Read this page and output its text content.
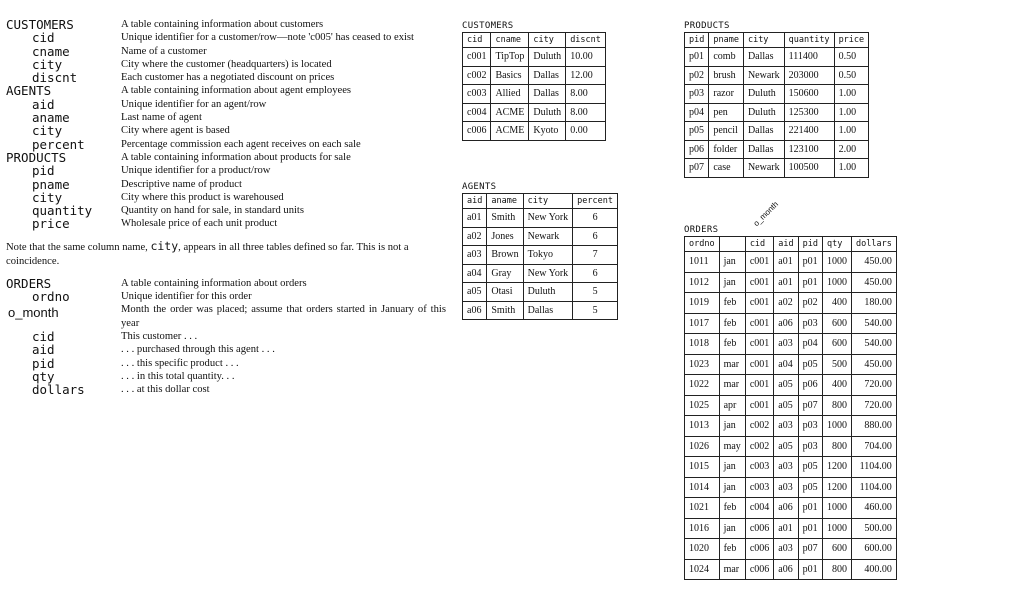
CUSTOMERS	A table containing information about customers
cid	Unique identifier for a customer/row—note 'c005' has ceased to exist
cname	Name of a customer
city	City where the customer (headquarters) is located
discnt	Each customer has a negotiated discount on prices
AGENTS	A table containing information about agent employees
aid	Unique identifier for an agent/row
aname	Last name of agent
city	City where agent is based
percent	Percentage commission each agent receives on each sale
PRODUCTS	A table containing information about products for sale
pid	Unique identifier for a product/row
pname	Descriptive name of product
city	City where this product is warehoused
quantity	Quantity on hand for sale, in standard units
price	Wholesale price of each unit product
Note that the same column name, city, appears in all three tables defined so far. This is not a coincidence.
ORDERS	A table containing information about orders
ordno	Unique identifier for this order
o_month	Month the order was placed; assume that orders started in January of this year
cid	This customer . . .
aid	. . . purchased through this agent . . .
pid	. . . this specific product . . .
qty	. . . in this total quantity. . .
dollars	. . . at this dollar cost
CUSTOMERS
cid	cname	city	discnt
c001	TipTop	Duluth	10.00
c002	Basics	Dallas	12.00
c003	Allied	Dallas	8.00
c004	ACME	Duluth	8.00
c006	ACME	Kyoto	0.00
AGENTS
aid	aname	city	percent
a01	Smith	New York	6
a02	Jones	Newark	6
a03	Brown	Tokyo	7
a04	Gray	New York	6
a05	Otasi	Duluth	5
a06	Smith	Dallas	5
PRODUCTS
pid	pname	city	quantity	price
p01	comb	Dallas	111400	0.50
p02	brush	Newark	203000	0.50
p03	razor	Duluth	150600	1.00
p04	pen	Duluth	125300	1.00
p05	pencil	Dallas	221400	1.00
p06	folder	Dallas	123100	2.00
p07	case	Newark	100500	1.00
ORDERS
o_month
ordno		cid	aid	pid	qty	dollars
1011	jan	c001	a01	p01	1000	450.00
1012	jan	c001	a01	p01	1000	450.00
1019	feb	c001	a02	p02	400	180.00
1017	feb	c001	a06	p03	600	540.00
1018	feb	c001	a03	p04	600	540.00
1023	mar	c001	a04	p05	500	450.00
1022	mar	c001	a05	p06	400	720.00
1025	apr	c001	a05	p07	800	720.00
1013	jan	c002	a03	p03	1000	880.00
1026	may	c002	a05	p03	800	704.00
1015	jan	c003	a03	p05	1200	1104.00
1014	jan	c003	a03	p05	1200	1104.00
1021	feb	c004	a06	p01	1000	460.00
1016	jan	c006	a01	p01	1000	500.00
1020	feb	c006	a03	p07	600	600.00
1024	mar	c006	a06	p01	800	400.00
